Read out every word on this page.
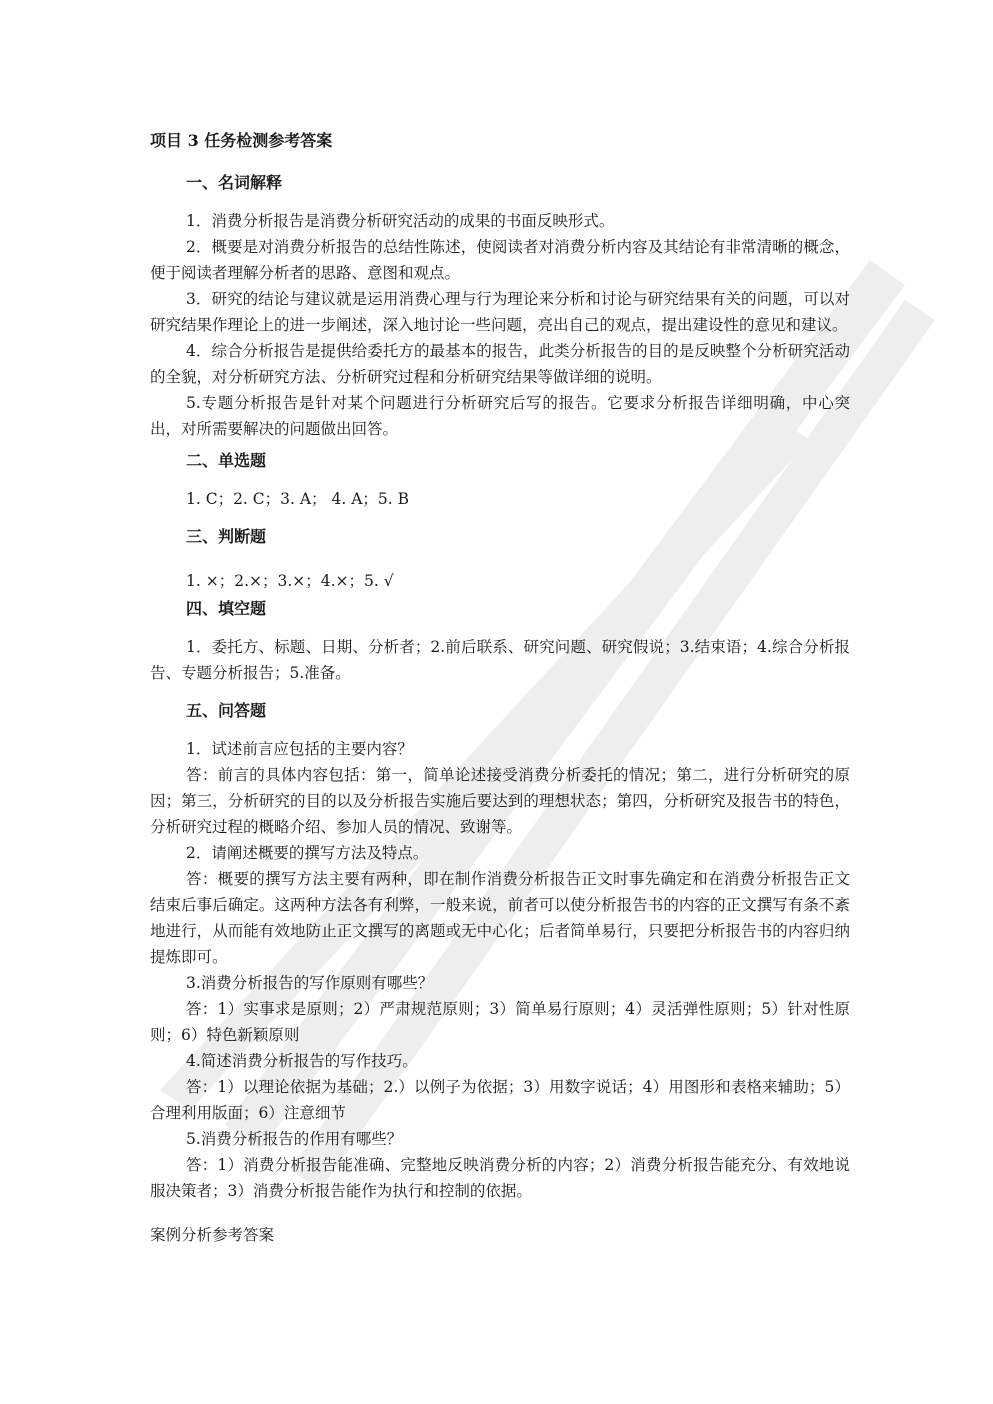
项目 3 任务检测参考答案
一、名词解释

1．消费分析报告是消费分析研究活动的成果的书面反映形式。

2．概要是对消费分析报告的总结性陈述，使阅读者对消费分析内容及其结论有非常清晰的概念，便于阅读者理解分析者的思路、意图和观点。

3．研究的结论与建议就是运用消费心理与行为理论来分析和讨论与研究结果有关的问题，可以对研究结果作理论上的进一步阐述，深入地讨论一些问题，亮出自己的观点，提出建设性的意见和建议。

4．综合分析报告是提供给委托方的最基本的报告，此类分析报告的目的是反映整个分析研究活动的全貌，对分析研究方法、分析研究过程和分析研究结果等做详细的说明。

5.专题分析报告是针对某个问题进行分析研究后写的报告。它要求分析报告详细明确，中心突出，对所需要解决的问题做出回答。

二、单选题

1. C；2. C；3. A； 4. A；5. B

三、判断题

1. ×；2.×；3.×；4.×；5. √

四、填空题

1．委托方、标题、日期、分析者；2.前后联系、研究问题、研究假说；3.结束语；4.综合分析报告、专题分析报告；5.准备。

五、问答题

1．试述前言应包括的主要内容？

答：前言的具体内容包括：第一，简单论述接受消费分析委托的情况；第二，进行分析研究的原因；第三，分析研究的目的以及分析报告实施后要达到的理想状态；第四，分析研究及报告书的特色，分析研究过程的概略介绍、参加人员的情况、致谢等。

2．请阐述概要的撰写方法及特点。

答：概要的撰写方法主要有两种，即在制作消费分析报告正文时事先确定和在消费分析报告正文结束后事后确定。这两种方法各有利弊，一般来说，前者可以使分析报告书的内容的正文撰写有条不紊地进行，从而能有效地防止正文撰写的离题或无中心化；后者简单易行，只要把分析报告书的内容归纳提炼即可。

3.消费分析报告的写作原则有哪些？

答：1）实事求是原则；2）严肃规范原则；3）简单易行原则；4）灵活弹性原则；5）针对性原则；6）特色新颖原则

4.简述消费分析报告的写作技巧。

答：1）以理论依据为基础；2.）以例子为依据；3）用数字说话；4）用图形和表格来辅助；5）合理利用版面；6）注意细节

5.消费分析报告的作用有哪些？

答：1）消费分析报告能准确、完整地反映消费分析的内容；2）消费分析报告能充分、有效地说服决策者；3）消费分析报告能作为执行和控制的依据。

案例分析参考答案
